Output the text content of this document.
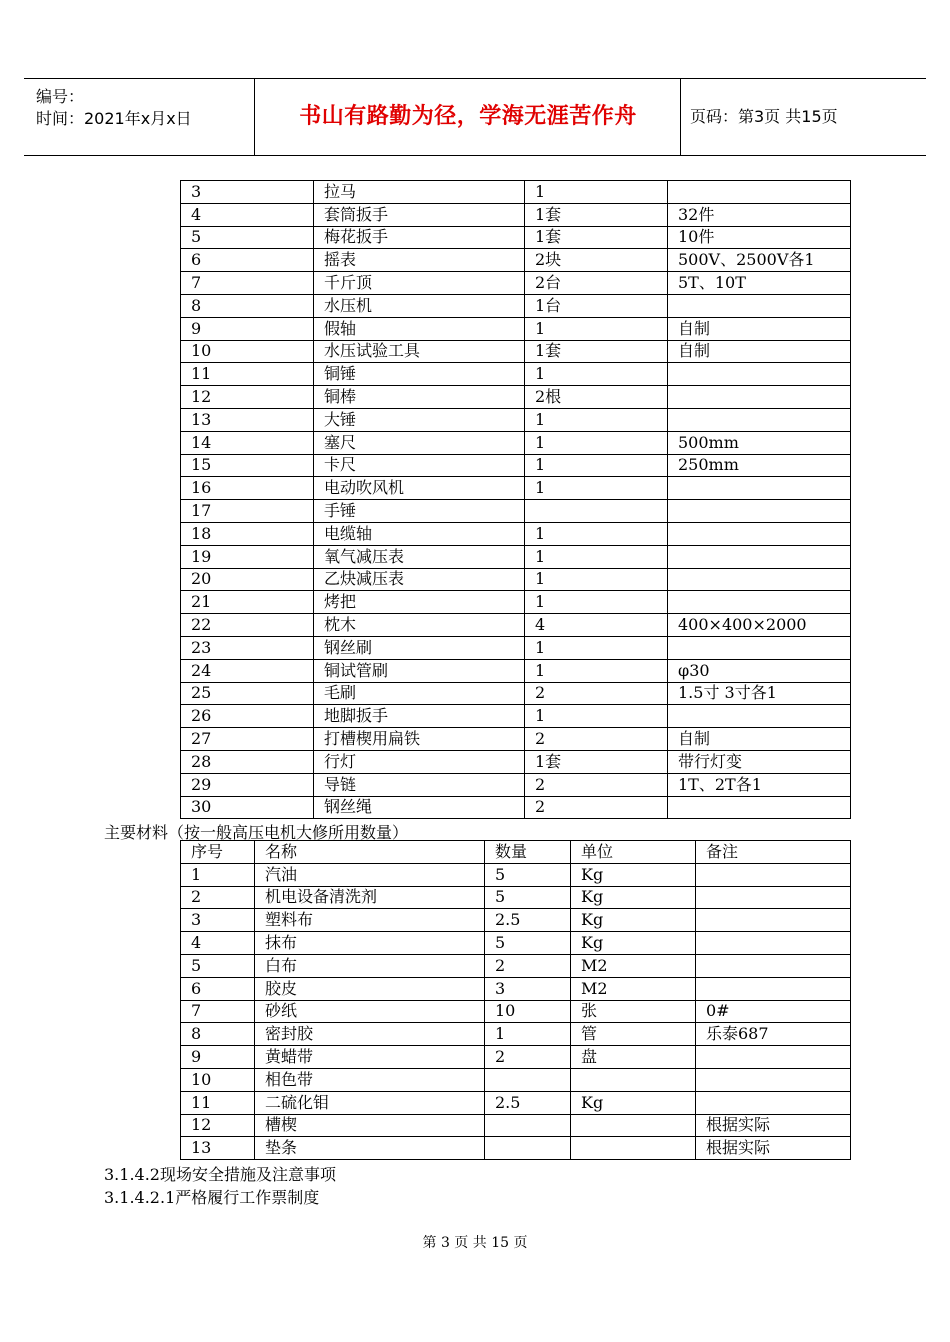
编号：
时间：2021年x月x日	书山有路勤为径，学海无涯苦作舟	页码：第3页 共15页
3	拉马	1	
4	套筒扳手	1套	32件
5	梅花扳手	1套	10件
6	摇表	2块	500V、2500V各1
7	千斤顶	2台	5T、10T
8	水压机	1台	
9	假轴	1	自制
10	水压试验工具	1套	自制
11	铜锤	1	
12	铜棒	2根	
13	大锤	1	
14	塞尺	1	500mm
15	卡尺	1	250mm
16	电动吹风机	1	
17	手锤		
18	电缆轴	1	
19	氧气减压表	1	
20	乙炔减压表	1	
21	烤把	1	
22	枕木	4	400×400×2000
23	钢丝刷	1	
24	铜试管刷	1	φ30
25	毛刷	2	1.5寸 3寸各1
26	地脚扳手	1	
27	打槽楔用扁铁	2	自制
28	行灯	1套	带行灯变
29	导链	2	1T、2T各1
30	钢丝绳	2	
主要材料（按一般高压电机大修所用数量）
序号	名称	数量	单位	备注
1	汽油	5	Kg	
2	机电设备清洗剂	5	Kg	
3	塑料布	2.5	Kg	
4	抹布	5	Kg	
5	白布	2	M2	
6	胶皮	3	M2	
7	砂纸	10	张	0#
8	密封胶	1	管	乐泰687
9	黄蜡带	2	盘	
10	相色带			
11	二硫化钼	2.5	Kg	
12	槽楔			根据实际
13	垫条			根据实际
3.1.4.2现场安全措施及注意事项
3.1.4.2.1严格履行工作票制度
第 3 页 共 15 页
